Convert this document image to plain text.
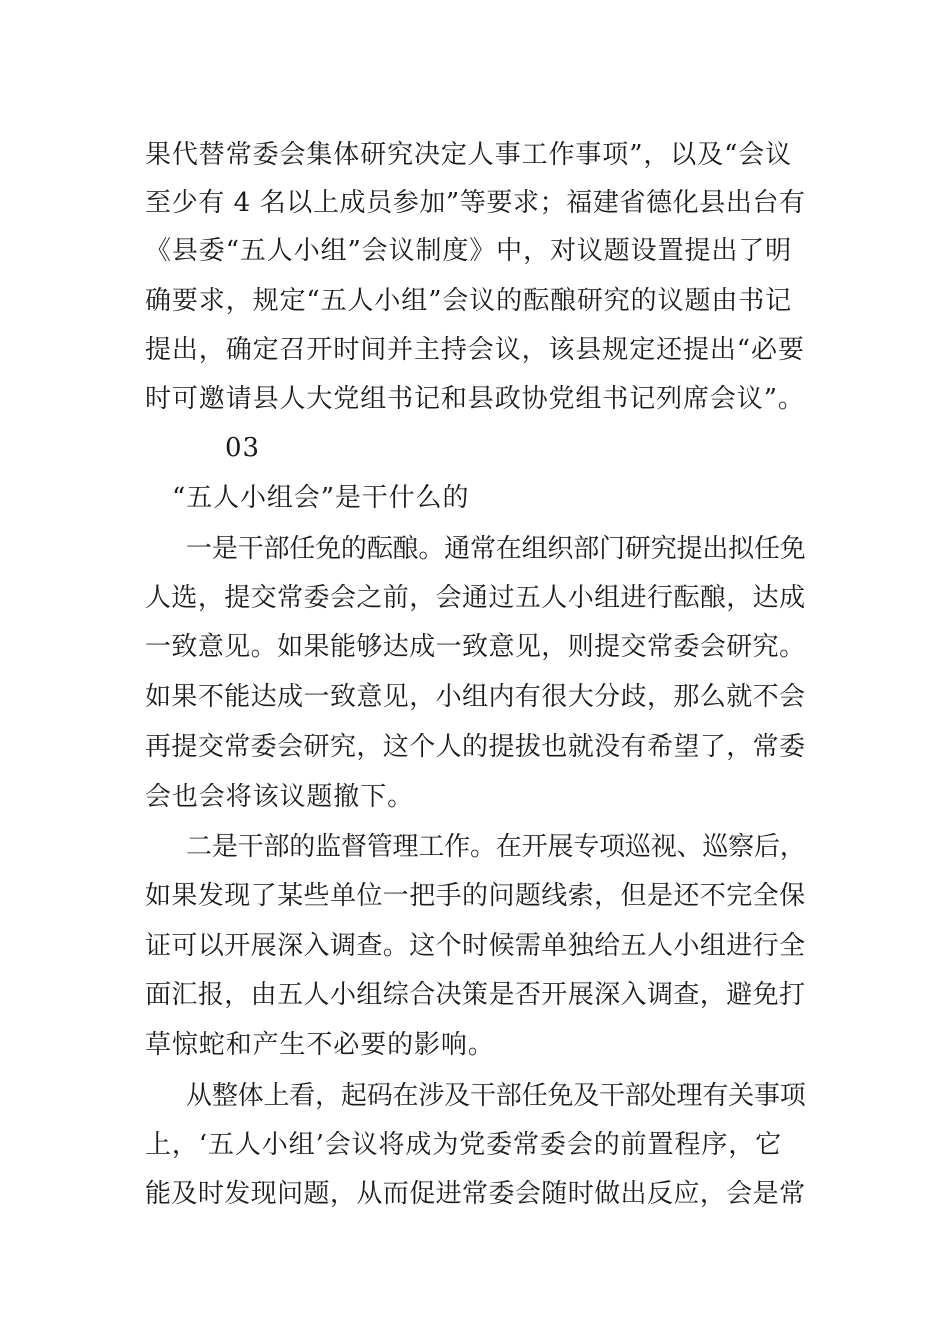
果代替常委会集体研究决定人事工作事项”，以及“会议
至少有 4 名以上成员参加”等要求；福建省德化县出台有
《县委“五人小组”会议制度》中，对议题设置提出了明
确要求，规定“五人小组”会议的酝酿研究的议题由书记
提出，确定召开时间并主持会议，该县规定还提出“必要
时可邀请县人大党组书记和县政协党组书记列席会议”。
03
“五人小组会”是干什么的
一是干部任免的酝酿。通常在组织部门研究提出拟任免
人选，提交常委会之前，会通过五人小组进行酝酿，达成
一致意见。如果能够达成一致意见，则提交常委会研究。
如果不能达成一致意见，小组内有很大分歧，那么就不会
再提交常委会研究，这个人的提拔也就没有希望了，常委
会也会将该议题撤下。
二是干部的监督管理工作。在开展专项巡视、巡察后，
如果发现了某些单位一把手的问题线索，但是还不完全保
证可以开展深入调查。这个时候需单独给五人小组进行全
面汇报，由五人小组综合决策是否开展深入调查，避免打
草惊蛇和产生不必要的影响。
从整体上看，起码在涉及干部任免及干部处理有关事项
上，‘五人小组’会议将成为党委常委会的前置程序，它
能及时发现问题，从而促进常委会随时做出反应，会是常
